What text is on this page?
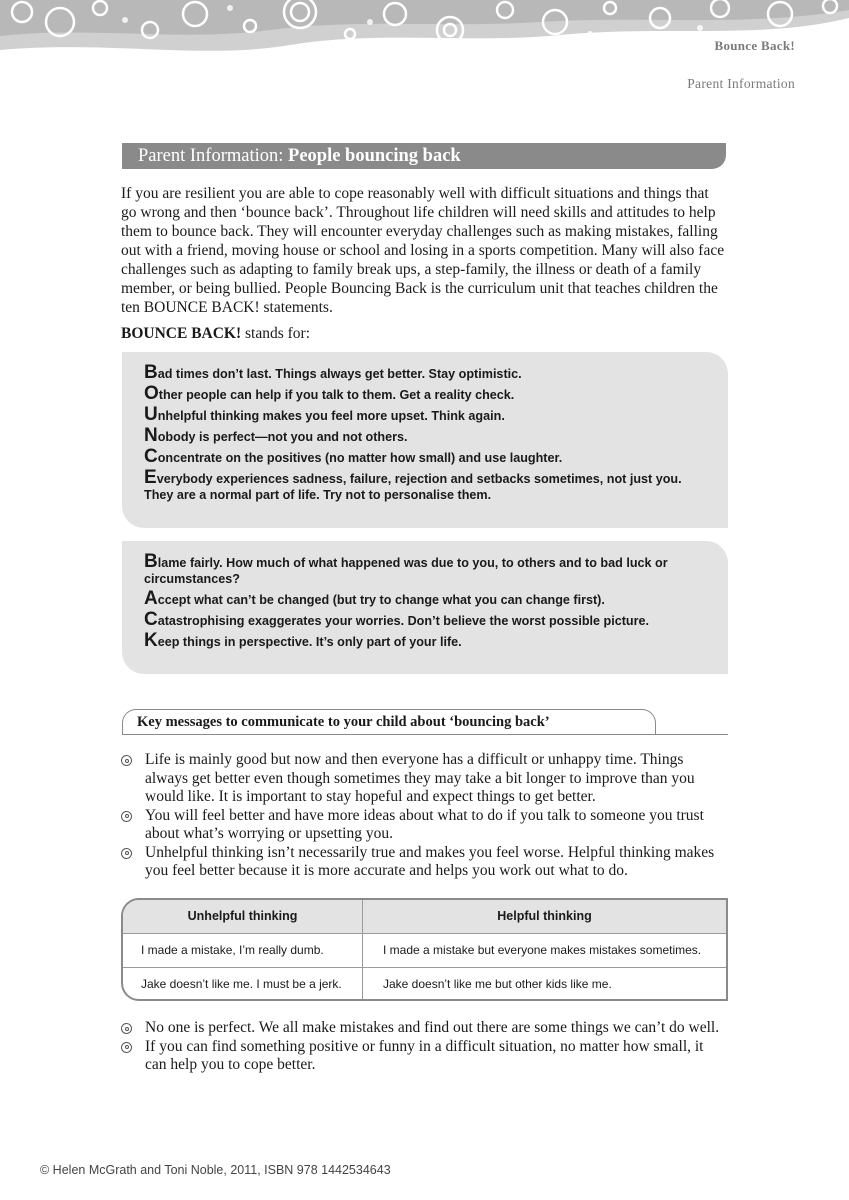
Bounce Back!
Parent Information
Parent Information: People bouncing back

If you are resilient you are able to cope reasonably well with difficult situations and things that go wrong and then ‘bounce back’. Throughout life children will need skills and attitudes to help them to bounce back. They will encounter everyday challenges such as making mistakes, falling out with a friend, moving house or school and losing in a sports competition. Many will also face challenges such as adapting to family break ups, a step-family, the illness or death of a family member, or being bullied. People Bouncing Back is the curriculum unit that teaches children the ten BOUNCE BACK! statements.

BOUNCE BACK! stands for:

Bad times don’t last. Things always get better. Stay optimistic.
Other people can help if you talk to them. Get a reality check.
Unhelpful thinking makes you feel more upset. Think again.
Nobody is perfect—not you and not others.
Concentrate on the positives (no matter how small) and use laughter.
Everybody experiences sadness, failure, rejection and setbacks sometimes, not just you. They are a normal part of life. Try not to personalise them.
Blame fairly. How much of what happened was due to you, to others and to bad luck or circumstances?
Accept what can’t be changed (but try to change what you can change first).
Catastrophising exaggerates your worries. Don’t believe the worst possible picture.
Keep things in perspective. It’s only part of your life.
Key messages to communicate to your child about ‘bouncing back’
Life is mainly good but now and then everyone has a difficult or unhappy time. Things always get better even though sometimes they may take a bit longer to improve than you would like. It is important to stay hopeful and expect things to get better.
You will feel better and have more ideas about what to do if you talk to someone you trust about what’s worrying or upsetting you.
Unhelpful thinking isn’t necessarily true and makes you feel worse. Helpful thinking makes you feel better because it is more accurate and helps you work out what to do.
Unhelpful thinking	Helpful thinking
I made a mistake, I’m really dumb.	I made a mistake but everyone makes mistakes sometimes.
Jake doesn’t like me. I must be a jerk.	Jake doesn’t like me but other kids like me.
No one is perfect. We all make mistakes and find out there are some things we can’t do well.
If you can find something positive or funny in a difficult situation, no matter how small, it can help you to cope better.
© Helen McGrath and Toni Noble, 2011, ISBN 978 1442534643
